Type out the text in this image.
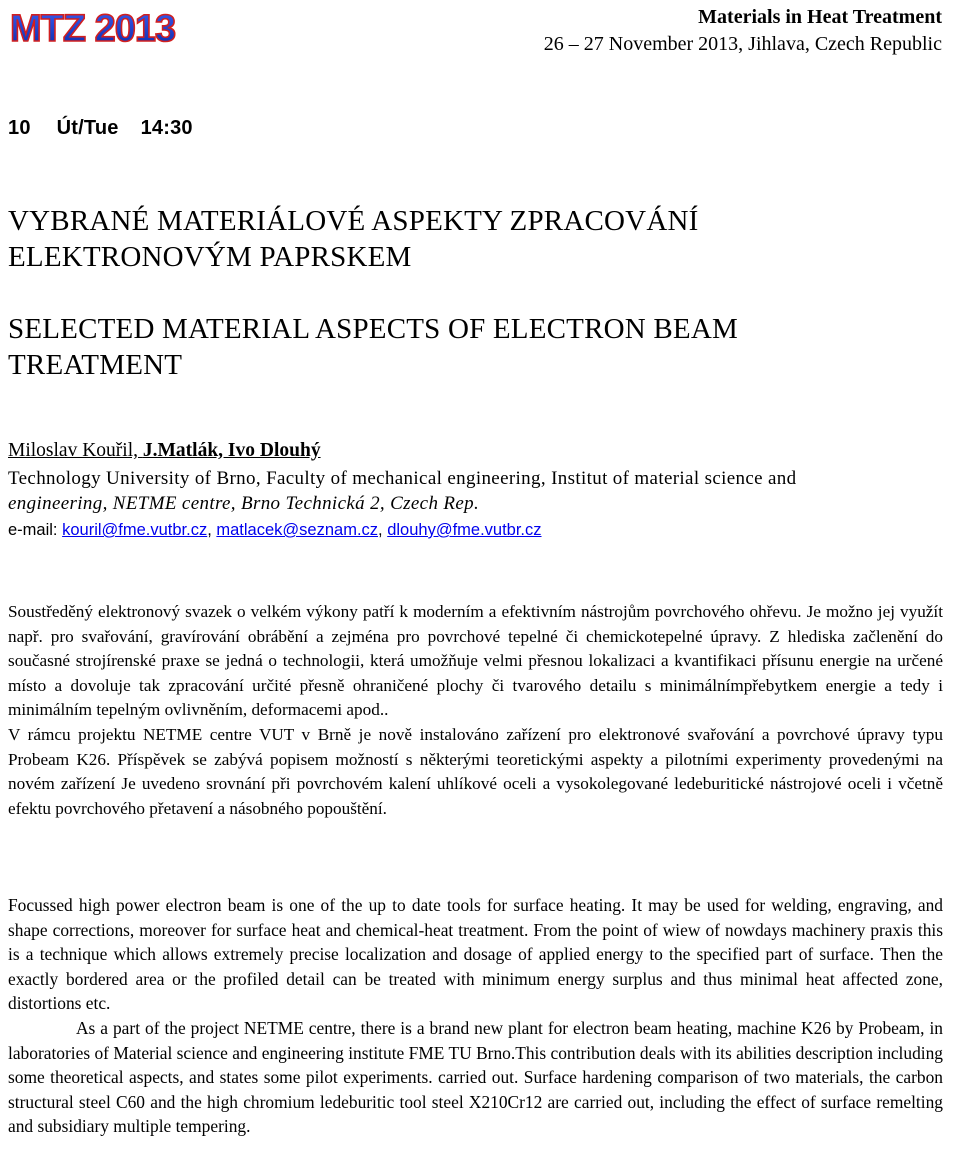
MTZ 2013	Materials in Heat Treatment
26 – 27 November 2013, Jihlava, Czech Republic
10 Út/Tue 14:30
VYBRANÉ MATERIÁLOVÉ ASPEKTY ZPRACOVÁNÍ
ELEKTRONOVÝM PAPRSKEM
SELECTED MATERIAL ASPECTS OF ELECTRON BEAM
TREATMENT
Miloslav Kouřil, J.Matlák, Ivo Dlouhý
Technology University of Brno, Faculty of mechanical engineering, Institut of material science and
engineering, NETME centre, Brno Technická 2, Czech Rep.
e-mail: kouril@fme.vutbr.cz, matlacek@seznam.cz, dlouhy@fme.vutbr.cz

Soustředěný elektronový svazek o velkém výkony patří k moderním a efektivním nástrojům povrchového ohřevu. Je možno jej využít např. pro svařování, gravírování obrábění a zejména pro povrchové tepelné či chemickotepelné úpravy. Z hlediska začlenění do současné strojírenské praxe se jedná o technologii, která umožňuje velmi přesnou lokalizaci a kvantifikaci přísunu energie na určené místo a dovoluje tak zpracování určité přesně ohraničené plochy či tvarového detailu s minimálnímpřebytkem energie a tedy i minimálním tepelným ovlivněním, deformacemi apod..

V rámcu projektu NETME centre VUT v Brně je nově instalováno zařízení pro elektronové svařování a povrchové úpravy typu Probeam K26. Příspěvek se zabývá popisem možností s některými teoretickými aspekty a pilotními experimenty provedenými na novém zařízení Je uvedeno srovnání při povrchovém kalení uhlíkové oceli a vysokolegované ledeburitické nástrojové oceli i včetně efektu povrchového přetavení a násobného popouštění.

Focussed high power electron beam is one of the up to date tools for surface heating. It may be used for welding, engraving, and shape corrections, moreover for surface heat and chemical-heat treatment. From the point of wiew of nowdays machinery praxis this is a technique which allows extremely precise localization and dosage of applied energy to the specified part of surface. Then the exactly bordered area or the profiled detail can be treated with minimum energy surplus and thus minimal heat affected zone, distortions etc.

As a part of the project NETME centre, there is a brand new plant for electron beam heating, machine K26 by Probeam, in laboratories of Material science and engineering institute FME TU Brno.This contribution deals with its abilities description including some theoretical aspects, and states some pilot experiments. carried out. Surface hardening comparison of two materials, the carbon structural steel C60 and the high chromium ledeburitic tool steel X210Cr12 are carried out, including the effect of surface remelting and subsidiary multiple tempering.
